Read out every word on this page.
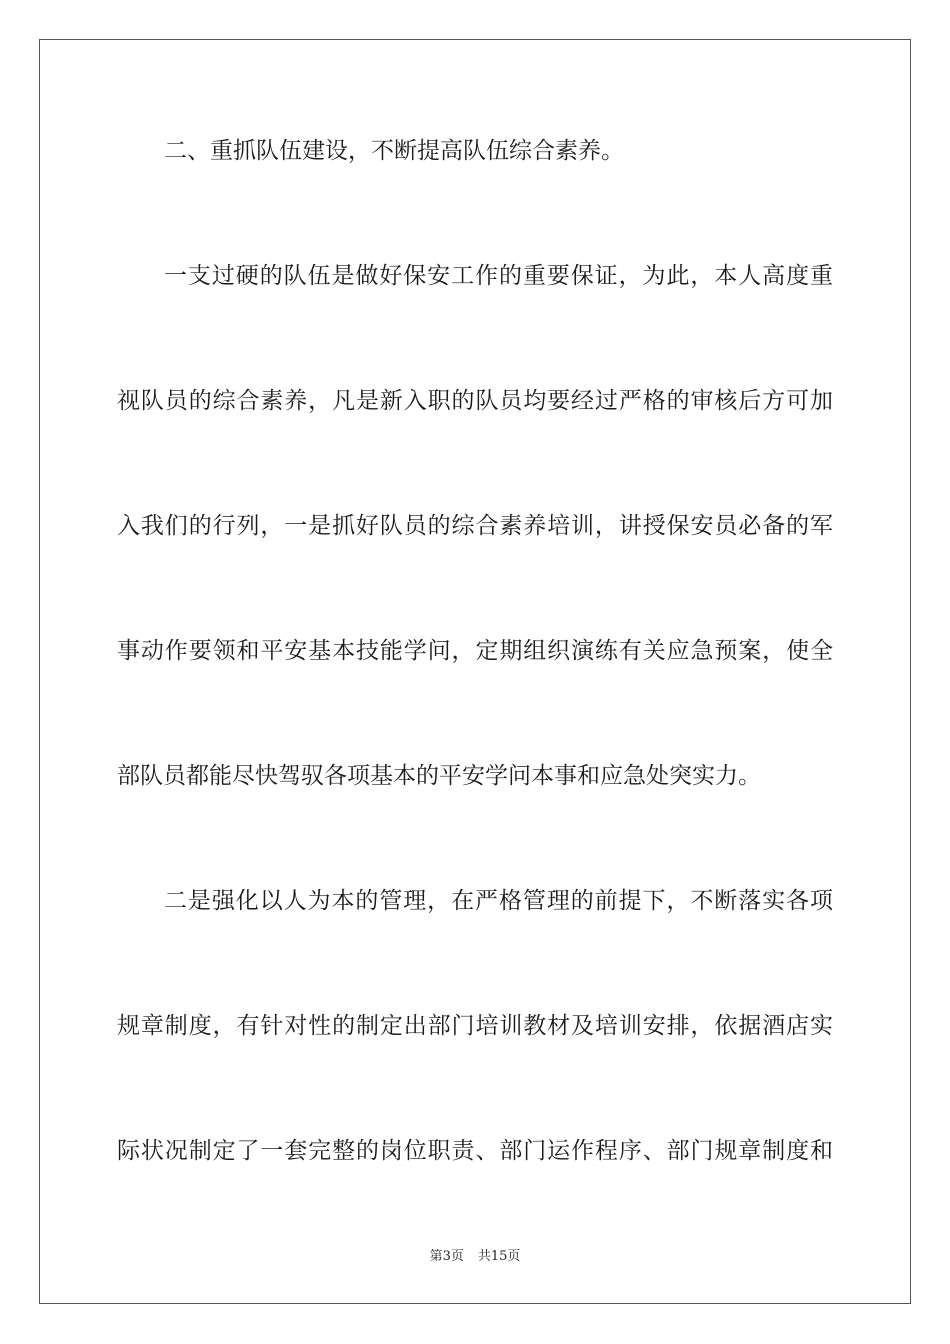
二、重抓队伍建设，不断提高队伍综合素养。
一支过硬的队伍是做好保安工作的重要保证，为此，本人高度重
视队员的综合素养，凡是新入职的队员均要经过严格的审核后方可加
入我们的行列，一是抓好队员的综合素养培训，讲授保安员必备的军
事动作要领和平安基本技能学问，定期组织演练有关应急预案，使全
部队员都能尽快驾驭各项基本的平安学问本事和应急处突实力。
二是强化以人为本的管理，在严格管理的前提下，不断落实各项
规章制度，有针对性的制定出部门培训教材及培训安排，依据酒店实
际状况制定了一套完整的岗位职责、部门运作程序、部门规章制度和
第3页 共15页
